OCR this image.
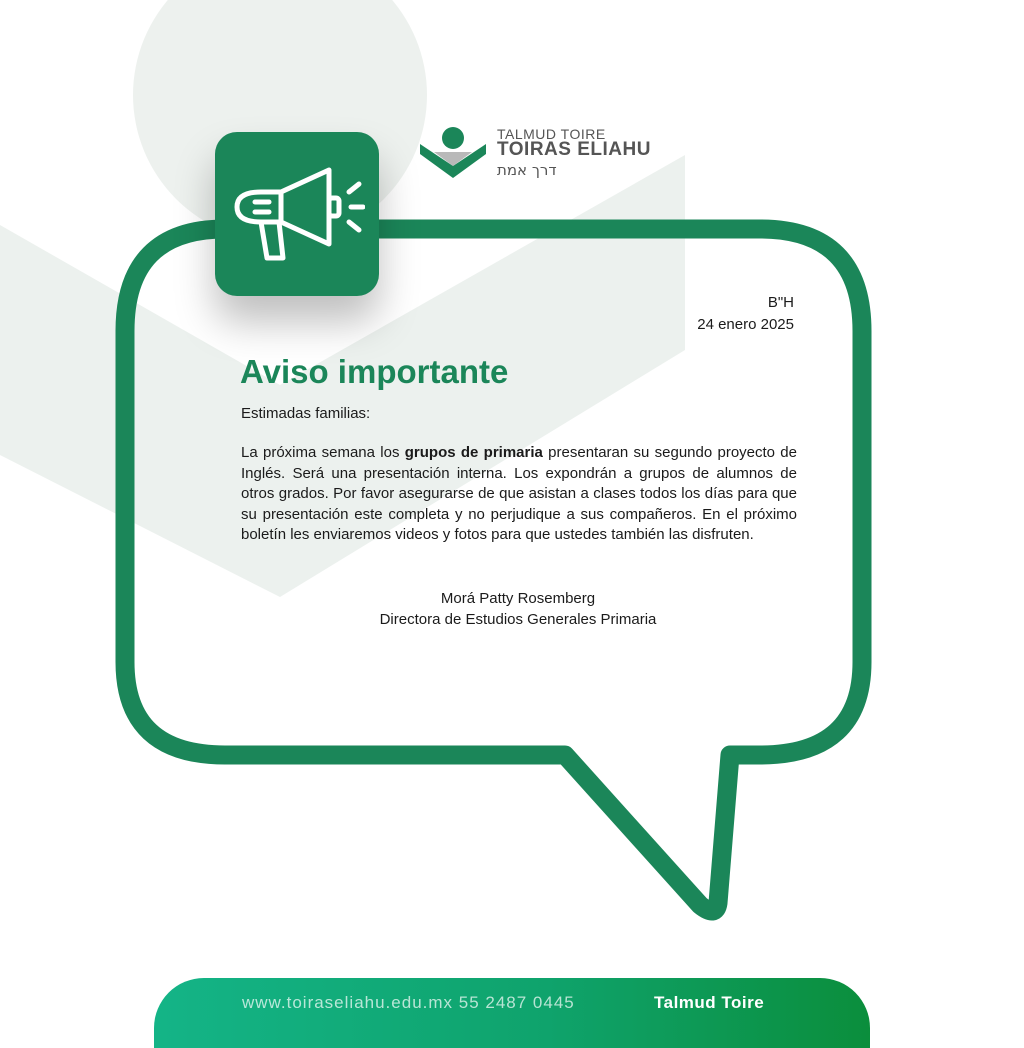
TALMUD TOIRE
TOIRAS ELIAHU
דרך אמת
B"H
24 enero 2025
Aviso importante
Estimadas familias:

La próxima semana los grupos de primaria presentaran su segundo proyecto de Inglés. Será una presentación interna. Los expondrán a grupos de alumnos de otros grados. Por favor asegurarse de que asistan a clases todos los días para que su presentación este completa y no perjudique a sus compañeros. En el próximo boletín les enviaremos videos y fotos para que ustedes también las disfruten.

Morá Patty Rosemberg
Directora de Estudios Generales Primaria
www.toiraseliahu.edu.mx 55 2487 0445	Talmud Toire
